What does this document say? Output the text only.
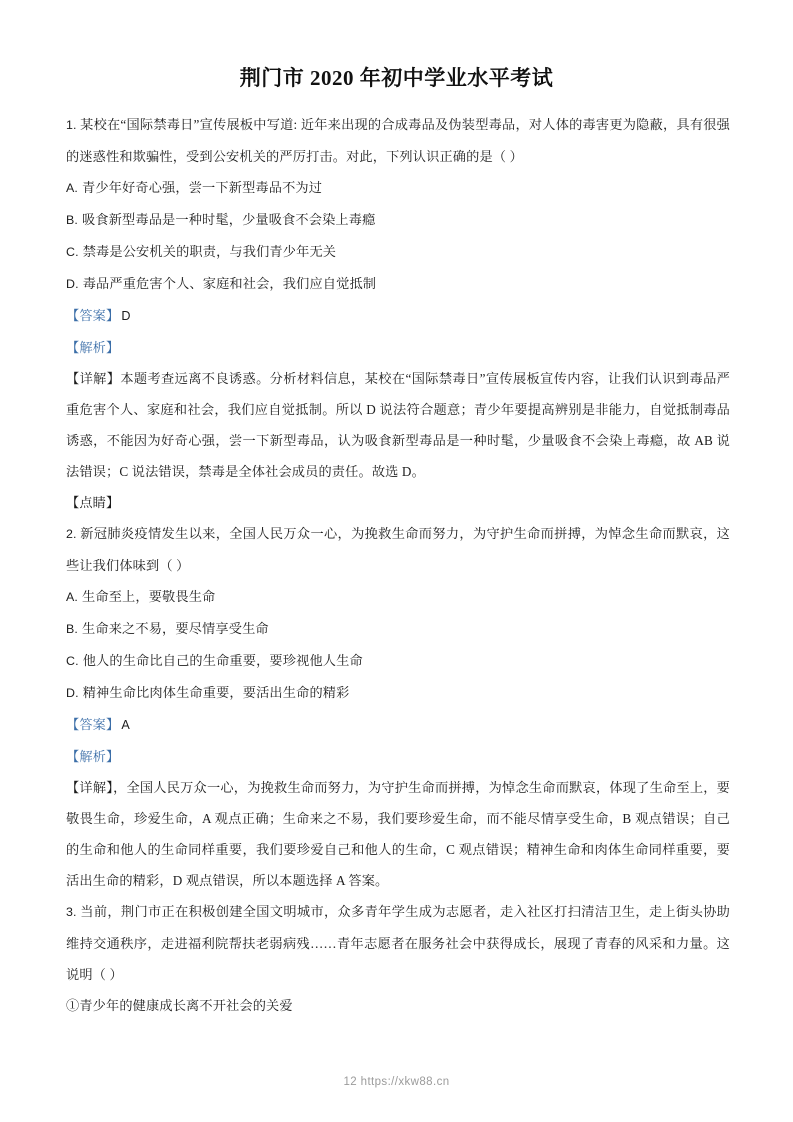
荆门市 2020 年初中学业水平考试

1. 某校在“国际禁毒日”宣传展板中写道: 近年来出现的合成毒品及伪装型毒品，对人体的毒害更为隐蔽，具有很强的迷惑性和欺骗性，受到公安机关的严厉打击。对此，下列认识正确的是（ ）

A. 青少年好奇心强，尝一下新型毒品不为过

B. 吸食新型毒品是一种时髦，少量吸食不会染上毒瘾

C. 禁毒是公安机关的职责，与我们青少年无关

D. 毒品严重危害个人、家庭和社会，我们应自觉抵制

【答案】 D

【解析】

【详解】本题考查远离不良诱惑。分析材料信息，某校在“国际禁毒日”宣传展板宣传内容，让我们认识到毒品严重危害个人、家庭和社会，我们应自觉抵制。所以 D 说法符合题意；青少年要提高辨别是非能力，自觉抵制毒品诱惑，不能因为好奇心强，尝一下新型毒品，认为吸食新型毒品是一种时髦，少量吸食不会染上毒瘾，故 AB 说法错误；C 说法错误，禁毒是全体社会成员的责任。故选 D。

【点睛】

2. 新冠肺炎疫情发生以来，全国人民万众一心，为挽救生命而努力，为守护生命而拼搏，为悼念生命而默哀，这些让我们体味到（ ）

A. 生命至上，要敬畏生命

B. 生命来之不易，要尽情享受生命

C. 他人的生命比自己的生命重要，要珍视他人生命

D. 精神生命比肉体生命重要，要活出生命的精彩

【答案】 A

【解析】

【详解】，全国人民万众一心，为挽救生命而努力，为守护生命而拼搏，为悼念生命而默哀，体现了生命至上，要敬畏生命，珍爱生命，A 观点正确；生命来之不易，我们要珍爱生命，而不能尽情享受生命，B 观点错误；自己的生命和他人的生命同样重要，我们要珍爱自己和他人的生命，C 观点错误；精神生命和肉体生命同样重要，要活出生命的精彩，D 观点错误，所以本题选择 A 答案。

3. 当前，荆门市正在积极创建全国文明城市，众多青年学生成为志愿者，走入社区打扫清洁卫生，走上街头协助维持交通秩序，走进福利院帮扶老弱病残……青年志愿者在服务社会中获得成长，展现了青春的风采和力量。这说明（ ）

①青少年的健康成长离不开社会的关爱

12 https://xkw88.cn
